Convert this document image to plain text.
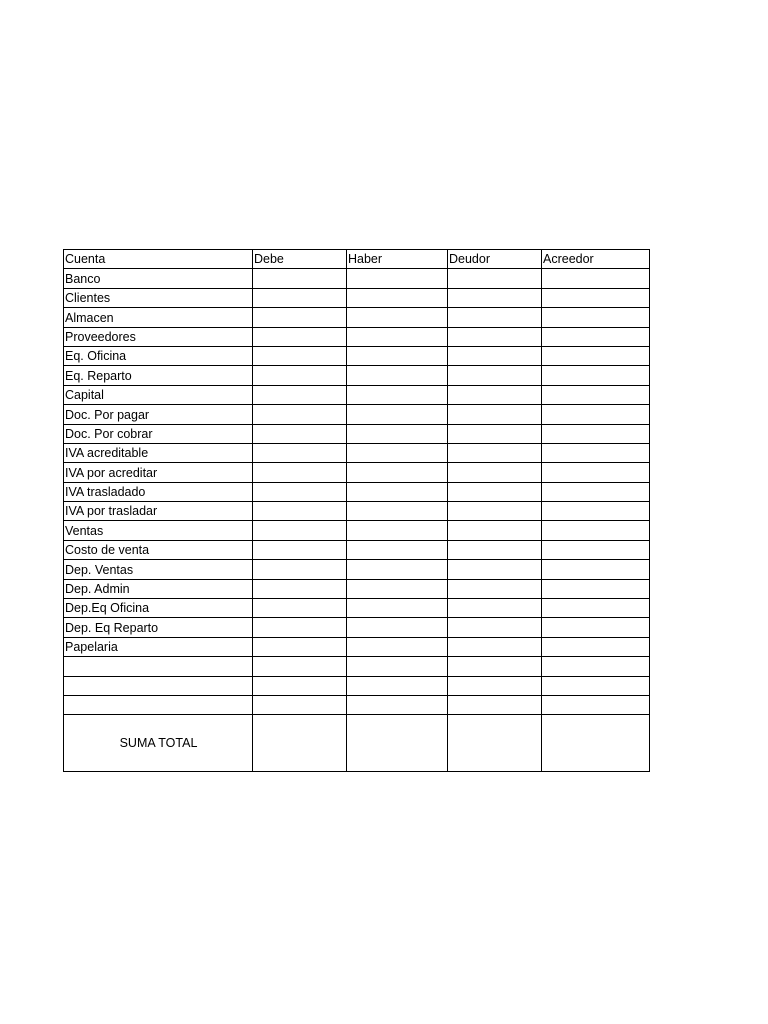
Cuenta	Debe	Haber	Deudor	Acreedor
Banco				
Clientes				
Almacen				
Proveedores				
Eq. Oficina				
Eq. Reparto				
Capital				
Doc. Por pagar				
Doc. Por cobrar				
IVA acreditable				
IVA por acreditar				
IVA trasladado				
IVA por trasladar				
Ventas				
Costo de venta				
Dep. Ventas				
Dep. Admin				
Dep.Eq Oficina				
Dep. Eq Reparto				
Papelaria				

SUMA TOTAL				
